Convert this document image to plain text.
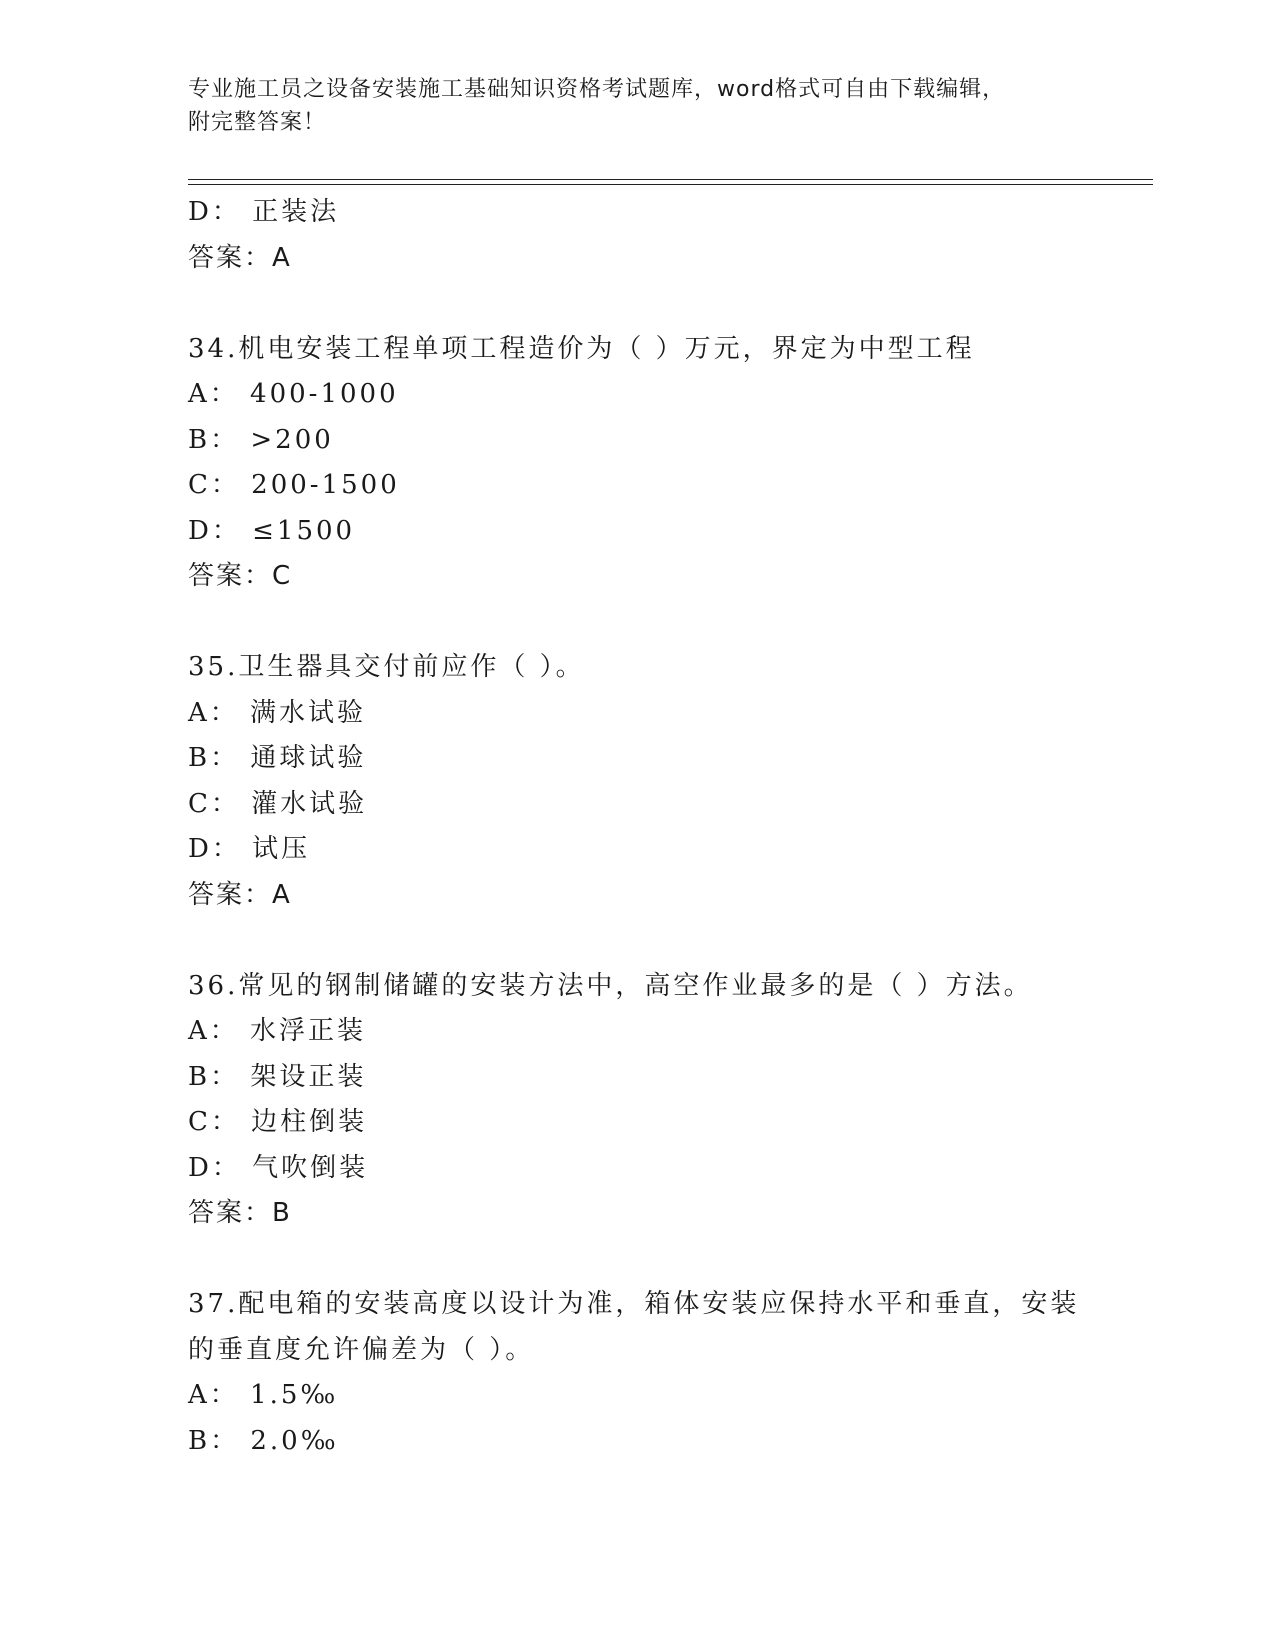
专业施工员之设备安装施工基础知识资格考试题库，word格式可自由下载编辑，
附完整答案！
D： 正装法
答案：A
34.机电安装工程单项工程造价为（ ）万元，界定为中型工程
A： 400-1000
B： >200
C： 200-1500
D： ≤1500
答案：C
35.卫生器具交付前应作（ ）。
A： 满水试验
B： 通球试验
C： 灌水试验
D： 试压
答案：A
36.常见的钢制储罐的安装方法中，高空作业最多的是（ ）方法。
A： 水浮正装
B： 架设正装
C： 边柱倒装
D： 气吹倒装
答案：B
37.配电箱的安装高度以设计为准，箱体安装应保持水平和垂直，安装
的垂直度允许偏差为（ ）。
A： 1.5‰
B： 2.0‰
